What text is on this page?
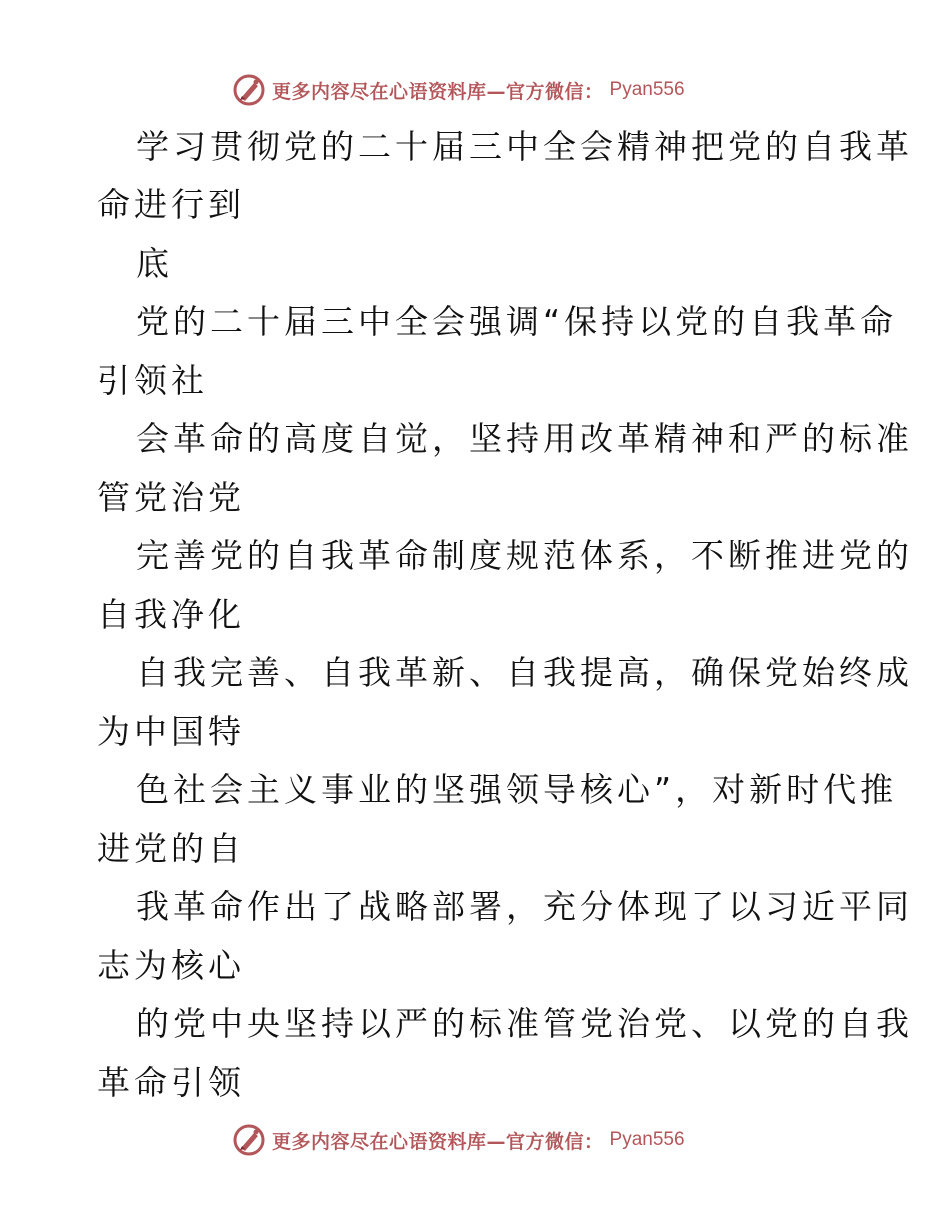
更多内容尽在心语资料库—官方微信： Pyan556
学习贯彻党的二十届三中全会精神把党的自我革
命进行到
底
党的二十届三中全会强调“保持以党的自我革命
引领社
会革命的高度自觉，坚持用改革精神和严的标准
管党治党
完善党的自我革命制度规范体系，不断推进党的
自我净化
自我完善、自我革新、自我提高，确保党始终成
为中国特
色社会主义事业的坚强领导核心”，对新时代推
进党的自
我革命作出了战略部署，充分体现了以习近平同
志为核心
的党中央坚持以严的标准管党治党、以党的自我
革命引领
更多内容尽在心语资料库—官方微信： Pyan556
